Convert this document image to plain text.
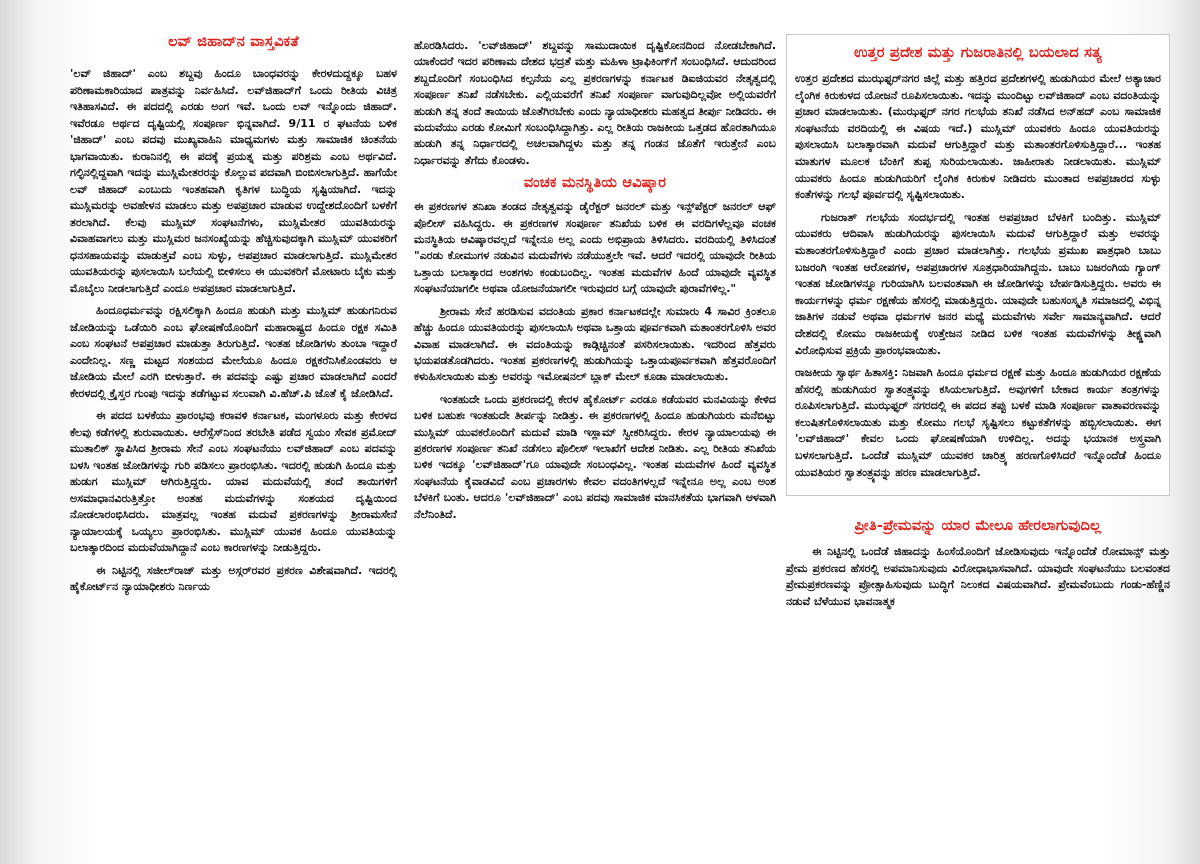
ಲವ್ ಜಿಹಾದ್‌ನ ವಾಸ್ತವಿಕತೆ

'ಲವ್ ಜಿಹಾದ್' ಎಂಬ ಶಬ್ದವು ಹಿಂದೂ ಬಾಂಧವರನ್ನು ಕೇರಳದುದ್ದಕ್ಕೂ ಬಹಳ ಪರಿಣಾಮಕಾರಿಯಾದ ಪಾತ್ರವನ್ನು ನಿರ್ವಹಿಸಿದೆ. ಲವ್‌ಜಿಹಾದ್‌ಗೆ ಒಂದು ರೀತಿಯ ವಿಚಿತ್ರ ಇತಿಹಾಸವಿದೆ. ಈ ಪದದಲ್ಲಿ ಎರಡು ಅಂಗ ಇವೆ. ಒಂದು ಲವ್ ಇನ್ನೊಂದು ಜಿಹಾದ್. ಇವೆರಡೂ ಅರ್ಥದ ದೃಷ್ಟಿಯಲ್ಲಿ ಸಂಪೂರ್ಣ ಭಿನ್ನವಾಗಿದೆ. 9/11 ರ ಘಟನೆಯ ಬಳಿಕ 'ಜಿಹಾದ್' ಎಂಬ ಪದವು ಮುಖ್ಯವಾಹಿನಿ ಮಾಧ್ಯಮಗಳು ಮತ್ತು ಸಾಮಾಜಿಕ ಚಿಂತನೆಯ ಭಾಗವಾಯಿತು. ಕುರಾನಿನಲ್ಲಿ ಈ ಪದಕ್ಕೆ ಪ್ರಯತ್ನ ಮತ್ತು ಪರಿಶ್ರಮ ಎಂಬ ಅರ್ಥವಿದೆ. ಗಲ್ಫಿನಲ್ಲಿದ್ದವಾಗಿ ಇದನ್ನು ಮುಸ್ಲಿಮೇತರರನ್ನು ಕೊಲ್ಲುವ ಪದವಾಗಿ ಬಿಂಬಿಸಲಾಗುತ್ತಿದೆ. ಹಾಗೆಯೇ ಲವ್ ಜಿಹಾದ್ ಎಂಬುದು ಇಂತಹವಾಗಿ ಕೃತಿಗಳ ಬುದ್ಧಿಯ ಸೃಷ್ಟಿಯಾಗಿದೆ. ಇದನ್ನು ಮುಸ್ಲಿಮರನ್ನು ಅವಹೇಳನ ಮಾಡಲು ಮತ್ತು ಅಪಪ್ರಚಾರ ಮಾಡುವ ಉದ್ದೇಶದೊಂದಿಗೆ ಬಳಕೆಗೆ ತರಲಾಗಿದೆ. ಕೆಲವು ಮುಸ್ಲಿಮ್ ಸಂಘಟನೆಗಳು, ಮುಸ್ಲಿಮೇತರ ಯುವತಿಯರನ್ನು ವಿವಾಹವಾಗಲು ಮತ್ತು ಮುಸ್ಲಿಮರ ಜನಸಂಖ್ಯೆಯನ್ನು ಹೆಚ್ಚಿಸುವುದಕ್ಕಾಗಿ ಮುಸ್ಲಿಮ್ ಯುವಕರಿಗೆ ಧನಸಹಾಯವನ್ನು ಮಾಡುತ್ತವೆ ಎಂಬ ಸುಳ್ಳು, ಅಪಪ್ರಚಾರ ಮಾಡಲಾಗುತ್ತಿದೆ. ಮುಸ್ಲಿಮೇತರ ಯುವತಿಯರನ್ನು ಪುಸಲಾಯಿಸಿ ಬಲೆಯಲ್ಲಿ ಬೀಳಿಸಲು ಈ ಯುವಕರಿಗೆ ಮೋಟಾರು ಬೈಕು ಮತ್ತು ಮೊಬೈಲು ನೀಡಲಾಗುತ್ತಿದೆ ಎಂದೂ ಅಪಪ್ರಚಾರ ಮಾಡಲಾಗುತ್ತಿದೆ.

ಹಿಂದೂಧರ್ಮವನ್ನು ರಕ್ಷಿಸಲಿಕ್ಕಾಗಿ ಹಿಂದೂ ಹುಡುಗಿ ಮತ್ತು ಮುಸ್ಲಿಮ್ ಹುಡುಗನಿರುವ ಜೋಡಿಯನ್ನು ಒಡೆಯಿರಿ ಎಂಬ ಘೋಷಣೆಯೊಂದಿಗೆ ಮಹಾರಾಷ್ಟ್ರದ ಹಿಂದೂ ರಕ್ಷಕ ಸಮಿತಿ ಎಂಬ ಸಂಘಟನೆ ಅಪಪ್ರಚಾರ ಮಾಡುತ್ತಾ ತಿರುಗುತ್ತಿದೆ. ಇಂತಹ ಜೋಡಿಗಳು ತುಂಬಾ ಇದ್ದಾರೆ ಎಂದೇನಿಲ್ಲ. ಸಣ್ಣ ಮಟ್ಟದ ಸಂಶಯದ ಮೇಲೆಯೂ ಹಿಂದೂ ರಕ್ಷಕರೆನಿಸಿಕೊಂಡವರು ಆ ಜೋಡಿಯ ಮೇಲೆ ಎರಗಿ ಬೀಳುತ್ತಾರೆ. ಈ ಪದವನ್ನು ಎಷ್ಟು ಪ್ರಚಾರ ಮಾಡಲಾಗಿದೆ ಎಂದರೆ ಕೇರಳದಲ್ಲಿ ಕ್ರೈಸ್ತರ ಗುಂಪು ಇದನ್ನು ತಡೆಗಟ್ಟುವ ಸಲುವಾಗಿ ವಿ.ಹೆಚ್.ಪಿ ಜೊತೆ ಕೈ ಜೋಡಿಸಿದೆ.

ಈ ಪದದ ಬಳಕೆಯು ಪ್ರಾರಂಭವು ಕರಾವಳಿ ಕರ್ನಾಟಕ, ಮಂಗಳೂರು ಮತ್ತು ಕೇರಳದ ಕೆಲವು ಕಡೆಗಳಲ್ಲಿ ಶುರುವಾಯಿತು. ಆರೆಸ್ಸೆಸ್‌ನಿಂದ ತರಬೇತಿ ಪಡೆದ ಸ್ವಯಂ ಸೇವಕ ಪ್ರಮೋದ್ ಮುತಾಲಿಕ್ ಸ್ಥಾಪಿಸಿದ ಶ್ರೀರಾಮ ಸೇನೆ ಎಂಬ ಸಂಘಟನೆಯು ಲವ್‌ಜಿಹಾದ್ ಎಂಬ ಪದವನ್ನು ಬಳಸಿ ಇಂತಹ ಜೋಡಿಗಳನ್ನು ಗುರಿ ಪಡಿಸಲು ಪ್ರಾರಂಭಿಸಿತು. ಇದರಲ್ಲಿ ಹುಡುಗಿ ಹಿಂದೂ ಮತ್ತು ಹುಡುಗ ಮುಸ್ಲಿಮ್ ಆಗಿರುತ್ತಿದ್ದರು. ಯಾವ ಮದುವೆಯಲ್ಲಿ ತಂದೆ ತಾಯಿಗಳಿಗೆ ಅಸಮಾಧಾನವಿರುತ್ತಿತ್ತೋ ಅಂತಹ ಮದುವೆಗಳನ್ನು ಸಂಶಯದ ದೃಷ್ಟಿಯಿಂದ ನೋಡಲಾರಂಭಿಸಿದರು. ಮಾತ್ರವಲ್ಲ ಇಂತಹ ಮದುವೆ ಪ್ರಕರಣಗಳನ್ನು ಶ್ರೀರಾಮಸೇನೆ ನ್ಯಾಯಾಲಯಕ್ಕೆ ಒಯ್ಯಲು ಪ್ರಾರಂಭಿಸಿತು. ಮುಸ್ಲಿಮ್ ಯುವಕ ಹಿಂದೂ ಯುವತಿಯನ್ನು ಬಲಾತ್ಕಾರದಿಂದ ಮದುವೆಯಾಗಿದ್ದಾನೆ ಎಂಬ ಕಾರಣಗಳನ್ನು ನೀಡುತ್ತಿದ್ದರು.

ಈ ನಿಟ್ಟಿನಲ್ಲಿ ಸಜೀಲ್‌ರಾಜ್ ಮತ್ತು ಅಸ್ಗರ್‌ರವರ ಪ್ರಕರಣ ವಿಶೇಷವಾಗಿದೆ. ಇದರಲ್ಲಿ ಹೈಕೋರ್ಟ್‌ನ ನ್ಯಾಯಾಧೀಶರು ನಿರ್ಣಯ

ಹೊರಡಿಸಿದರು. 'ಲವ್‌ಜಿಹಾದ್' ಶಬ್ದವನ್ನು ಸಾಮುದಾಯಿಕ ದೃಷ್ಟಿಕೋನದಿಂದ ನೋಡಬೇಕಾಗಿದೆ. ಯಾಕೆಂದರೆ ಇದರ ಪರಿಣಾಮ ದೇಶದ ಭದ್ರತೆ ಮತ್ತು ಮಹಿಳಾ ಟ್ರಾಫಿಕಿಂಗ್‌ಗೆ ಸಂಬಂಧಿಸಿದೆ. ಆದುದರಿಂದ ಶಬ್ದದೊಂದಿಗೆ ಸಂಬಂಧಿಸಿದ ಕಲ್ಪನೆಯ ಎಲ್ಲ ಪ್ರಕರಣಗಳನ್ನು ಕರ್ನಾಟಕ ಡಿಐಜಿಯವರ ನೇತೃತ್ವದಲ್ಲಿ ಸಂಪೂರ್ಣ ತನಿಖೆ ನಡೆಸಬೇಕು. ಎಲ್ಲಿಯವರೆಗೆ ತನಿಖೆ ಸಂಪೂರ್ಣ ವಾಗುವುದಿಲ್ಲವೋ ಅಲ್ಲಿಯವರೆಗೆ ಹುಡುಗಿ ತನ್ನ ತಂದೆ ತಾಯಿಯ ಜೊತೆಗಿರಬೇಕು ಎಂದು ನ್ಯಾಯಾಧೀಶರು ಮಹತ್ವದ ತೀರ್ಪು ನೀಡಿದರು. ಈ ಮದುವೆಯು ಎರಡು ಕೋಮಿಗೆ ಸಂಬಂಧಿಸಿದ್ದಾಗಿತ್ತು. ಎಲ್ಲ ರೀತಿಯ ರಾಜಕೀಯ ಒತ್ತಡದ ಹೊರತಾಗಿಯೂ ಹುಡುಗಿ ತನ್ನ ನಿರ್ಧಾರದಲ್ಲಿ ಅಚಲವಾಗಿದ್ದಳು ಮತ್ತು ತನ್ನ ಗಂಡನ ಜೊತೆಗೆ ಇರುತ್ತೇನೆ ಎಂಬ ನಿರ್ಧಾರವನ್ನು ತೆಗೆದು ಕೊಂಡಳು.

ವಂಚಕ ಮನಸ್ಥಿತಿಯ ಆವಿಷ್ಕಾರ

ಈ ಪ್ರಕರಣಗಳ ತನಿಖಾ ತಂಡದ ನೇತೃತ್ವವನ್ನು ಡೈರೆಕ್ಟರ್ ಜನರಲ್ ಮತ್ತು ಇನ್ಸ್‌ಪೆಕ್ಟರ್ ಜನರಲ್ ಆಫ್ ಪೊಲೀಸ್ ವಹಿಸಿದ್ದರು. ಈ ಪ್ರಕರಣಗಳ ಸಂಪೂರ್ಣ ತನಿಖೆಯ ಬಳಿಕ ಈ ವರದಿಗಳೆಲ್ಲವೂ ವಂಚಕ ಮನಸ್ಥಿತಿಯ ಆವಿಷ್ಕಾರವಲ್ಲದೆ ಇನ್ನೇನೂ ಅಲ್ಲ ಎಂದು ಅಭಿಪ್ರಾಯ ತಿಳಿಸಿದರು. ವರದಿಯಲ್ಲಿ ತಿಳಿಸಿದಂತೆ "ಎರಡು ಕೋಮುಗಳ ನಡುವಿನ ಮದುವೆಗಳು ನಡೆಯುತ್ತಲೇ ಇವೆ. ಆದರೆ ಇದರಲ್ಲಿ ಯಾವುದೇ ರೀತಿಯ ಒತ್ತಾಯ ಬಲಾತ್ಕಾರದ ಅಂಶಗಳು ಕಂಡುಬಂದಿಲ್ಲ. ಇಂತಹ ಮದುವೆಗಳ ಹಿಂದೆ ಯಾವುದೇ ವ್ಯವಸ್ಥಿತ ಸಂಘಟನೆಯಾಗಲೀ ಅಥವಾ ಯೋಜನೆಯಾಗಲೀ ಇರುವುದರ ಬಗ್ಗೆ ಯಾವುದೇ ಪುರಾವೆಗಳಿಲ್ಲ."

ಶ್ರೀರಾಮ ಸೇನೆ ಹರಡಿಸುವ ವದಂತಿಯ ಪ್ರಕಾರ ಕರ್ನಾಟಕದಲ್ಲೇ ಸುಮಾರು 4 ಸಾವಿರ ಕ್ರಿಂತಲೂ ಹೆಚ್ಚು ಹಿಂದೂ ಯುವತಿಯರನ್ನು ಪುಸಲಾಯಿಸಿ ಅಥವಾ ಒತ್ತಾಯ ಪೂರ್ವಕವಾಗಿ ಮತಾಂತರಗೊಳಿಸಿ ಅವರ ವಿವಾಹ ಮಾಡಲಾಗಿದೆ. ಈ ವದಂತಿಯನ್ನು ಕಾಡ್ಗಿಚ್ಚಿನಂತೆ ಪಸರಿಸಲಾಯಿತು. ಇದರಿಂದ ಹೆತ್ತವರು ಭಯಪಡತೊಡಗಿದರು. ಇಂತಹ ಪ್ರಕರಣಗಳಲ್ಲಿ ಹುಡುಗಿಯನ್ನು ಒತ್ತಾಯಪೂರ್ವಕವಾಗಿ ಹೆತ್ತವರೊಂದಿಗೆ ಕಳುಹಿಸಲಾಯಿತು ಮತ್ತು ಅವರನ್ನು ಇಮೋಷನಲ್ ಬ್ಲಾಕ್ ಮೇಲ್ ಕೂಡಾ ಮಾಡಲಾಯಿತು.

ಇಂತಹುದೇ ಒಂದು ಪ್ರಕರಣದಲ್ಲಿ ಕೇರಳ ಹೈಕೋರ್ಟ್ ಎರಡೂ ಕಡೆಯವರ ಮನವಿಯನ್ನು ಕೇಳಿದ ಬಳಿಕ ಬಹುಶಃ ಇಂತಹುದೇ ತೀರ್ಪನ್ನು ನೀಡಿತ್ತು. ಈ ಪ್ರಕರಣಗಳಲ್ಲಿ ಹಿಂದೂ ಹುಡುಗಿಯರು ಮನೆಬಿಟ್ಟು ಮುಸ್ಲಿಮ್ ಯುವಕರೊಂದಿಗೆ ಮದುವೆ ಮಾಡಿ ಇಸ್ಲಾಮ್ ಸ್ವೀಕರಿಸಿದ್ದರು. ಕೇರಳ ನ್ಯಾಯಾಲಯವು ಈ ಪ್ರಕರಣಗಳ ಸಂಪೂರ್ಣ ತನಿಖೆ ನಡೆಸಲು ಪೊಲೀಸ್ ಇಲಾಖೆಗೆ ಆದೇಶ ನೀಡಿತು. ಎಲ್ಲ ರೀತಿಯ ತನಿಖೆಯ ಬಳಿಕ ಇದಕ್ಕೂ 'ಲವ್‌ಜಿಹಾದ್'ಗೂ ಯಾವುದೇ ಸಂಬಂಧವಿಲ್ಲ. ಇಂತಹ ಮದುವೆಗಳ ಹಿಂದೆ ವ್ಯವಸ್ಥಿತ ಸಂಘಟನೆಯ ಕೈವಾಡವಿದೆ ಎಂಬ ಪ್ರಚಾರಗಳು ಕೇವಲ ವದಂತಿಗಳಲ್ಲದೆ ಇನ್ನೇನೂ ಅಲ್ಲ ಎಂಬ ಅಂಶ ಬೆಳಕಿಗೆ ಬಂತು. ಆದರೂ 'ಲವ್‌ಜಿಹಾದ್' ಎಂಬ ಪದವು ಸಾಮಾಜಿಕ ಮಾನಸಿಕತೆಯ ಭಾಗವಾಗಿ ಆಳವಾಗಿ ನೆಲೆನಿಂತಿದೆ.

ಉತ್ತರ ಪ್ರದೇಶ ಮತ್ತು ಗುಜರಾತಿನಲ್ಲಿ ಬಯಲಾದ ಸತ್ಯ

ಉತ್ತರ ಪ್ರದೇಶದ ಮುಝಫ್ಫರ್‌ನಗರ ಜಿಲ್ಲೆ ಮತ್ತು ಹತ್ತಿರದ ಪ್ರದೇಶಗಳಲ್ಲಿ ಹುಡುಗಿಯರ ಮೇಲೆ ಅತ್ಯಾಚಾರ ಲೈಂಗಿಕ ಕಿರುಕುಳದ ಯೋಜನೆ ರೂಪಿಸಲಾಯಿತು. ಇದನ್ನು ಮುಂದಿಟ್ಟು ಲವ್‌ಜಿಹಾದ್ ಎಂಬ ವದಂತಿಯನ್ನು ಪ್ರಚಾರ ಮಾಡಲಾಯಿತು. (ಮುಝಫ್ಫರ್ ನಗರ ಗಲಭೆಯ ತನಿಖೆ ನಡೆಸಿದ ಅನ್‌ಹದ್ ಎಂಬ ಸಾಮಾಜಿಕ ಸಂಘಟನೆಯ ವರದಿಯಲ್ಲಿ ಈ ವಿಷಯ ಇದೆ.) ಮುಸ್ಲಿಮ್ ಯುವಕರು ಹಿಂದೂ ಯುವತಿಯರನ್ನು ಪುಸಲಾಯಿಸಿ ಬಲಾತ್ಕಾರವಾಗಿ ಮದುವೆ ಆಗುತ್ತಿದ್ದಾರೆ ಮತ್ತು ಮತಾಂತರಗೊಳಿಸುತ್ತಿದ್ದಾರೆ... ಇಂತಹ ಮಾತುಗಳ ಮೂಲಕ ಬೆಂಕಿಗೆ ತುಪ್ಪ ಸುರಿಯಲಾಯಿತು. ಜಾಹೀರಾತು ನೀಡಲಾಯಿತು. ಮುಸ್ಲಿಮ್ ಯುವಕರು ಹಿಂದೂ ಹುಡುಗಿಯರಿಗೆ ಲೈಂಗಿಕ ಕಿರುಕುಳ ನೀಡಿದರು ಮುಂತಾದ ಅಪಪ್ರಚಾರದ ಸುಳ್ಳು ಕಂತೆಗಳನ್ನು ಗಲಭೆ ಪೂರ್ವದಲ್ಲಿ ಸೃಷ್ಟಿಸಲಾಯಿತು.

ಗುಜರಾತ್ ಗಲಭೆಯ ಸಂದರ್ಭದಲ್ಲಿ ಇಂತಹ ಅಪಪ್ರಚಾರ ಬೆಳಕಿಗೆ ಬಂದಿತ್ತು. ಮುಸ್ಲಿಮ್ ಯುವಕರು ಆದಿವಾಸಿ ಹುಡುಗಿಯರನ್ನು ಪುಸಲಾಯಿಸಿ ಮದುವೆ ಆಗುತ್ತಿದ್ದಾರೆ ಮತ್ತು ಅವರನ್ನು ಮತಾಂತರಗೊಳಿಸುತ್ತಿದ್ದಾರೆ ಎಂದು ಪ್ರಚಾರ ಮಾಡಲಾಗಿತ್ತು. ಗಲಭೆಯ ಪ್ರಮುಖ ಪಾತ್ರಧಾರಿ ಬಾಬು ಬಜರಂಗಿ ಇಂತಹ ಆರೋಪಗಳ, ಅಪಪ್ರಚಾರಗಳ ಸೂತ್ರಧಾರಿಯಾಗಿದ್ದನು. ಬಾಬು ಬಜರಂಗಿಯ ಗ್ಯಾಂಗ್ ಇಂತಹ ಜೋಡಿಗಳನ್ನೂ ಗುರಿಯಾಗಿಸಿ ಬಲವಂತವಾಗಿ ಈ ಜೋಡಿಗಳನ್ನು ಬೇರ್ಪಡಿಸುತ್ತಿದ್ದರು. ಅವರು ಈ ಕಾರ್ಯಗಳನ್ನು ಧರ್ಮ ರಕ್ಷಣೆಯ ಹೆಸರಲ್ಲಿ ಮಾಡುತ್ತಿದ್ದರು. ಯಾವುದೇ ಬಹುಸಂಸ್ಕೃತಿ ಸಮಾಜದಲ್ಲಿ ವಿಭಿನ್ನ ಜಾತಿಗಳ ನಡುವೆ ಅಥವಾ ಧರ್ಮಗಳ ಜನರ ಮಧ್ಯೆ ಮದುವೆಗಳು ಸರ್ವೇ ಸಾಮಾನ್ಯವಾಗಿದೆ. ಆದರೆ ದೇಶದಲ್ಲಿ ಕೋಮು ರಾಜಕೀಯಕ್ಕೆ ಉತ್ತೇಜನ ನೀಡಿದ ಬಳಿಕ ಇಂತಹ ಮದುವೆಗಳನ್ನು ತೀಕ್ಷ್ಣವಾಗಿ ವಿರೋಧಿಸುವ ಪ್ರಕ್ರಿಯೆ ಪ್ರಾರಂಭವಾಯಿತು.

ರಾಜಕೀಯ ಸ್ವಾರ್ಥ ಹಿತಾಸಕ್ತಿ: ನಿಜವಾಗಿ ಹಿಂದೂ ಧರ್ಮದ ರಕ್ಷಣೆ ಮತ್ತು ಹಿಂದೂ ಹುಡುಗಿಯರ ರಕ್ಷಣೆಯ ಹೆಸರಲ್ಲಿ ಹುಡುಗಿಯರ ಸ್ವಾತಂತ್ರ್ಯವನ್ನು ಕಸಿಯಲಾಗುತ್ತಿದೆ. ಅವುಗಳಿಗೆ ಬೇಕಾದ ಕಾರ್ಯ ತಂತ್ರಗಳನ್ನು ರೂಪಿಸಲಾಗುತ್ತಿದೆ. ಮುಝಫ್ಫರ್ ನಗರದಲ್ಲಿ ಈ ಪದದ ತಪ್ಪು ಬಳಕೆ ಮಾಡಿ ಸಂಪೂರ್ಣ ವಾತಾವರಣವನ್ನು ಕಲುಷಿತಗೊಳಿಸಲಾಯಿತು ಮತ್ತು ಕೋಮು ಗಲಭೆ ಸೃಷ್ಟಿಸಲು ಕಟ್ಟುಕತೆಗಳನ್ನು ಹಬ್ಬಿಸಲಾಯಿತು. ಈಗ 'ಲವ್‌ಜಿಹಾದ್' ಕೇವಲ ಒಂದು ಘೋಷಣೆಯಾಗಿ ಉಳಿದಿಲ್ಲ. ಅದನ್ನು ಭಯಾನಕ ಅಸ್ತ್ರವಾಗಿ ಬಳಸಲಾಗುತ್ತಿದೆ. ಒಂದೆಡೆ ಮುಸ್ಲಿಮ್ ಯುವಕರ ಚಾರಿತ್ರ್ಯ ಹರಣಗೊಳಿಸಿದರೆ ಇನ್ನೊಂದೆಡೆ ಹಿಂದೂ ಯುವತಿಯರ ಸ್ವಾತಂತ್ರ್ಯವನ್ನು ಹರಣ ಮಾಡಲಾಗುತ್ತಿದೆ.

ಪ್ರೀತಿ-ಪ್ರೇಮವನ್ನು ಯಾರ ಮೇಲೂ ಹೇರಲಾಗುವುದಿಲ್ಲ

ಈ ನಿಟ್ಟಿನಲ್ಲಿ ಒಂದೆಡೆ ಜಿಹಾದನ್ನು ಹಿಂಸೆಯೊಂದಿಗೆ ಜೋಡಿಸುವುದು ಇನ್ನೊಂದೆಡೆ ರೋಮಾನ್ಸ್ ಮತ್ತು ಪ್ರೇಮ ಪ್ರಕರಣದ ಹೆಸರಲ್ಲಿ ಅಪಮಾನಿಸುವುದು ವಿರೋಧಾಭಾಸವಾಗಿದೆ. ಯಾವುದೇ ಸಂಘಟನೆಯು ಬಲವಂತದ ಪ್ರೇಮಪ್ರಕರಣವನ್ನು ಪ್ರೋತ್ಸಾಹಿಸುವುದು ಬುದ್ಧಿಗೆ ನಿಲುಕದ ವಿಷಯವಾಗಿದೆ. ಪ್ರೇಮವೆಂಬುದು ಗಂಡು-ಹೆಣ್ಣಿನ ನಡುವೆ ಬೆಳೆಯುವ ಭಾವನಾತ್ಮಕ
